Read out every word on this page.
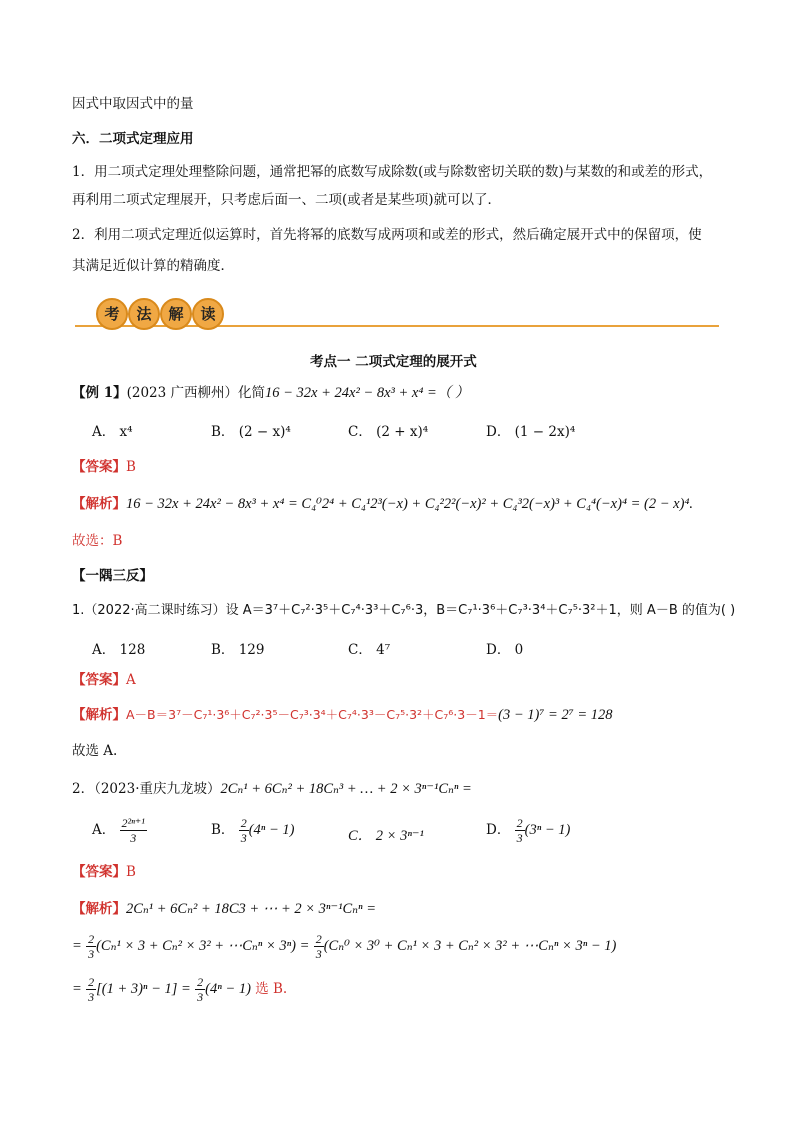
因式中取因式中的量
六．二项式定理应用
1．用二项式定理处理整除问题，通常把幂的底数写成除数(或与除数密切关联的数)与某数的和或差的形式，
再利用二项式定理展开，只考虑后面一、二项(或者是某些项)就可以了．
2．利用二项式定理近似运算时，首先将幂的底数写成两项和或差的形式，然后确定展开式中的保留项，使
其满足近似计算的精确度．
考	法	解	读
考点一 二项式定理的展开式
【例 1】(2023 广西柳州）化简16 − 32x + 24x² − 8x³ + x⁴ =（ ）
A． x⁴	B． (2 − x)⁴	C． (2 + x)⁴	D． (1 − 2x)⁴
【答案】B
【解析】16 − 32x + 24x² − 8x³ + x⁴ = C₄⁰2⁴ + C₄¹2³(−x) + C₄²2²(−x)² + C₄³2(−x)³ + C₄⁴(−x)⁴ = (2 − x)⁴.
故选：B
【一隅三反】
1.（2022·高二课时练习）设 A＝3⁷＋C₇²·3⁵＋C₇⁴·3³＋C₇⁶·3，B＝C₇¹·3⁶＋C₇³·3⁴＋C₇⁵·3²＋1，则 A－B 的值为( )
A． 128	B． 129	C． 4⁷	D． 0
【答案】A
【解析】A－B＝3⁷－C₇¹·3⁶＋C₇²·3⁵－C₇³·3⁴＋C₇⁴·3³－C₇⁵·3²＋C₇⁶·3－1＝(3 − 1)⁷ = 2⁷ = 128
故选 A.
2．（2023·重庆九龙坡）2Cₙ¹ + 6Cₙ² + 18Cₙ³ + … + 2 × 3ⁿ⁻¹Cₙⁿ =
A． $\frac{\text{2²ⁿ⁺¹}}{3}$	B． $\frac{2}{3} (4^n - 1)$	C． 2 × 3ⁿ⁻¹	D． $\frac{2}{3} (3^n - 1)$
【答案】B
【解析】2Cₙ¹ + 6Cₙ² + 18C3 + ⋯ + 2 × 3ⁿ⁻¹Cₙⁿ =
= $\frac{2}{3} (C_n^1 \times 3 + C_n^2 \times 3^2$ + ⋯Cₙⁿ × $3^n) = \frac{2}{3} (C_n^0 \times 3^0 + C_n^1 \times 3 + C_n^2 \times 3^2$ + ⋯Cₙⁿ × 3ⁿ − 1)
= $\frac{2}{3} [(1 + 3)^n - 1] = \frac{2}{3} (4^n - 1)$ 选 B.
